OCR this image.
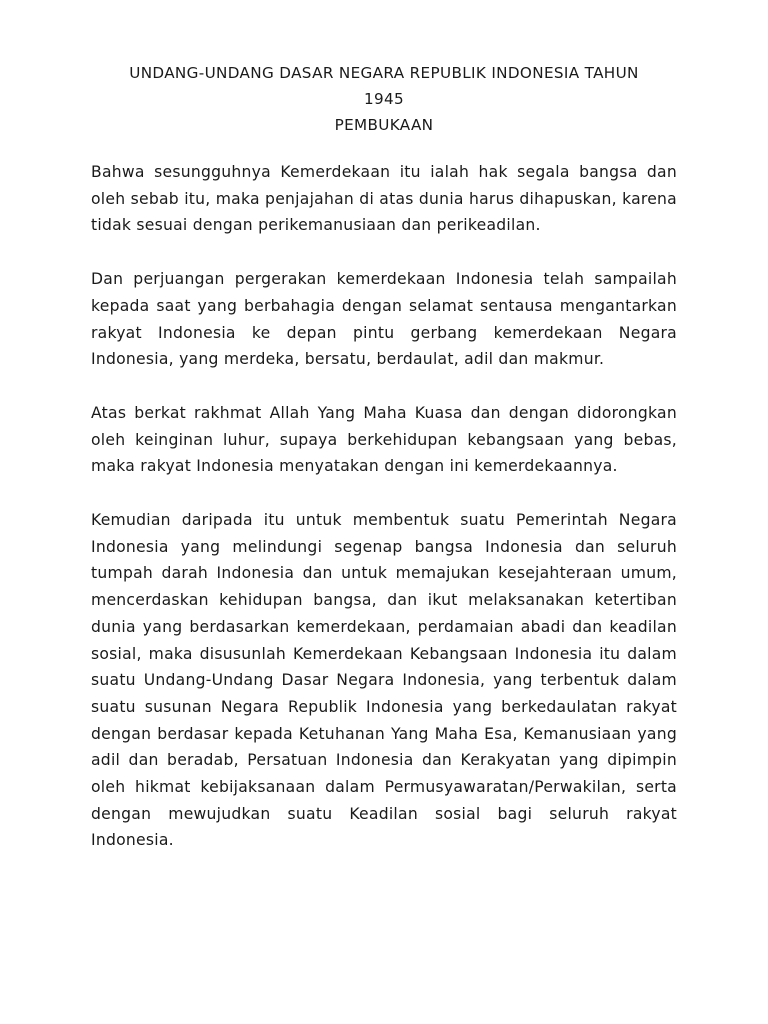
UNDANG-UNDANG DASAR NEGARA REPUBLIK INDONESIA TAHUN

1945

PEMBUKAAN

Bahwa sesungguhnya Kemerdekaan itu ialah hak segala bangsa dan oleh sebab itu, maka penjajahan di atas dunia harus dihapuskan, karena tidak sesuai dengan perikemanusiaan dan perikeadilan.

Dan perjuangan pergerakan kemerdekaan Indonesia telah sampailah kepada saat yang berbahagia dengan selamat sentausa mengantarkan rakyat Indonesia ke depan pintu gerbang kemerdekaan Negara Indonesia, yang merdeka, bersatu, berdaulat, adil dan makmur.

Atas berkat rakhmat Allah Yang Maha Kuasa dan dengan didorongkan oleh keinginan luhur, supaya berkehidupan kebangsaan yang bebas, maka rakyat Indonesia menyatakan dengan ini kemerdekaannya.

Kemudian daripada itu untuk membentuk suatu Pemerintah Negara Indonesia yang melindungi segenap bangsa Indonesia dan seluruh tumpah darah Indonesia dan untuk memajukan kesejahteraan umum, mencerdaskan kehidupan bangsa, dan ikut melaksanakan ketertiban dunia yang berdasarkan kemerdekaan, perdamaian abadi dan keadilan sosial, maka disusunlah Kemerdekaan Kebangsaan Indonesia itu dalam suatu Undang-Undang Dasar Negara Indonesia, yang terbentuk dalam suatu susunan Negara Republik Indonesia yang berkedaulatan rakyat dengan berdasar kepada Ketuhanan Yang Maha Esa, Kemanusiaan yang adil dan beradab, Persatuan Indonesia dan Kerakyatan yang dipimpin oleh hikmat kebijaksanaan dalam Permusyawaratan/Perwakilan, serta dengan mewujudkan suatu Keadilan sosial bagi seluruh rakyat Indonesia.
